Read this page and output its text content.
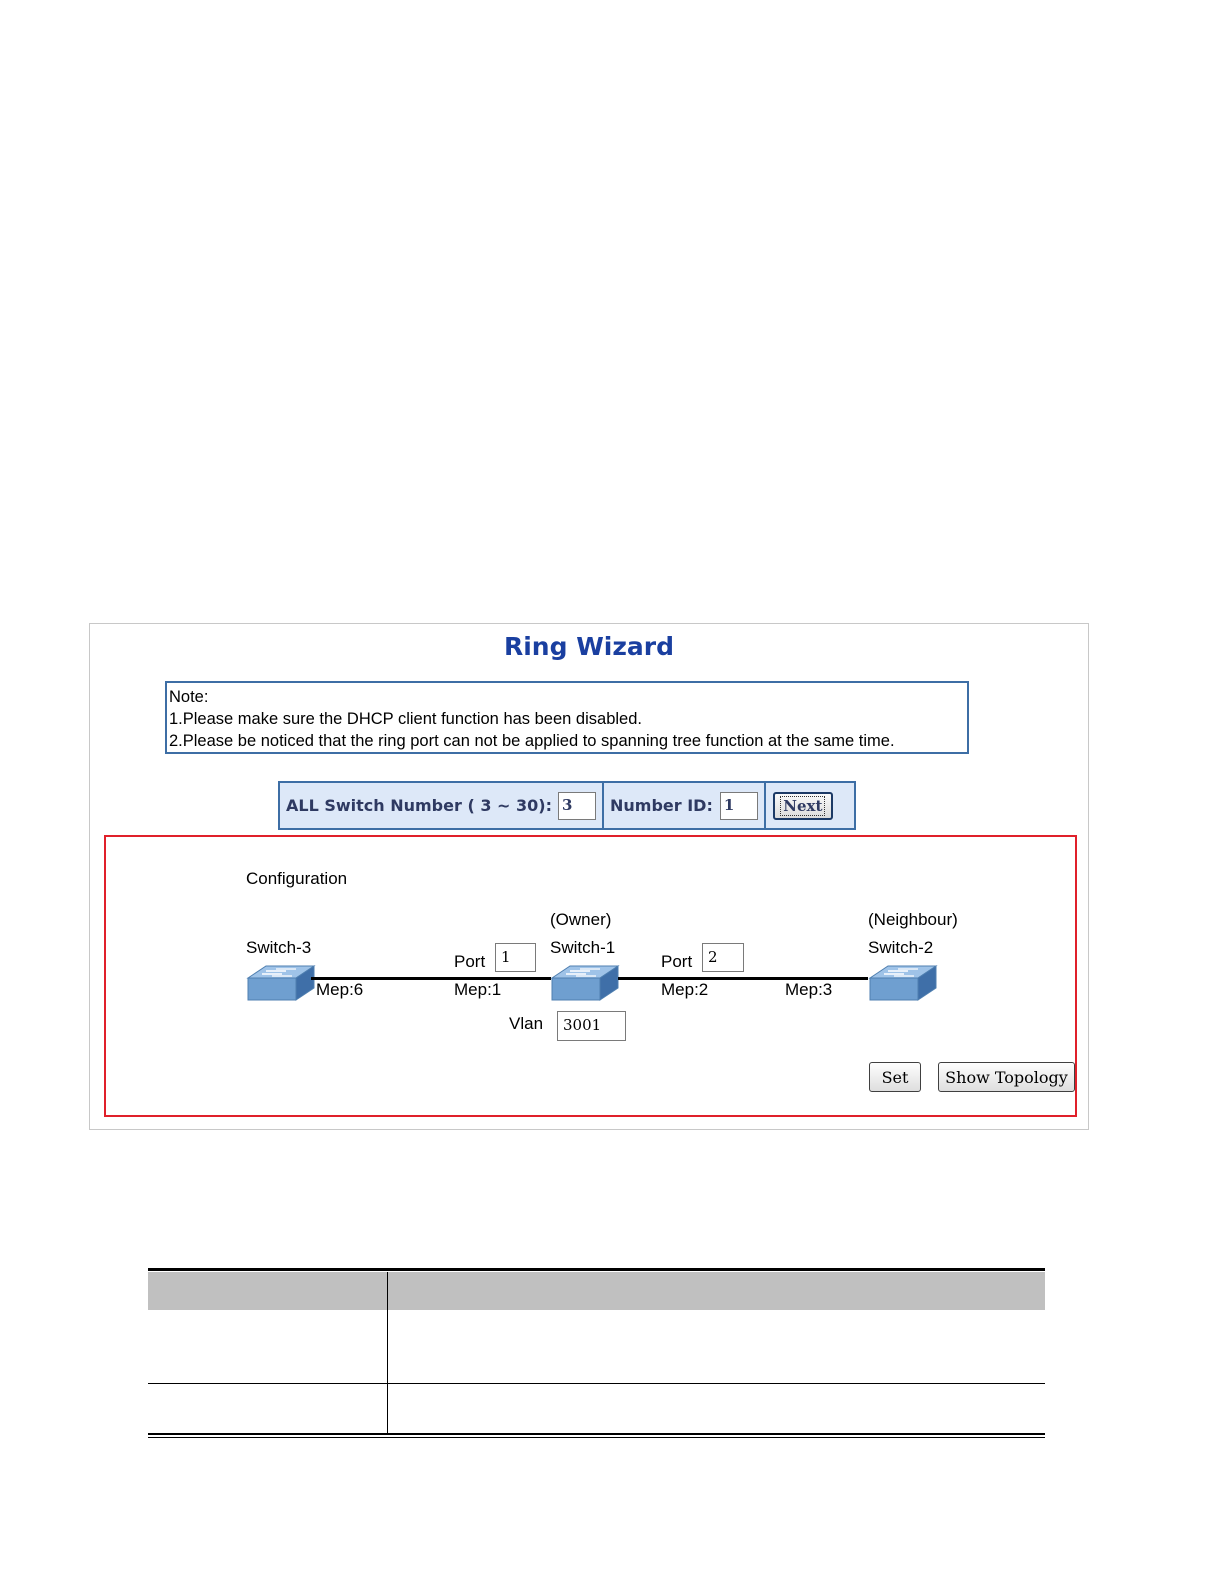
Ring Wizard
Note:
1.Please make sure the DHCP client function has been disabled.
2.Please be noticed that the ring port can not be applied to spanning tree function at the same time.
ALL Switch Number ( 3 ~ 30): 3	Number ID: 1	Next
Configuration
Switch-3
Mep:6
Port	1
Mep:1
(Owner)
Switch-1
Port	2
Mep:2	Mep:3
(Neighbour)
Switch-2
Vlan	3001
Set	Show Topology
